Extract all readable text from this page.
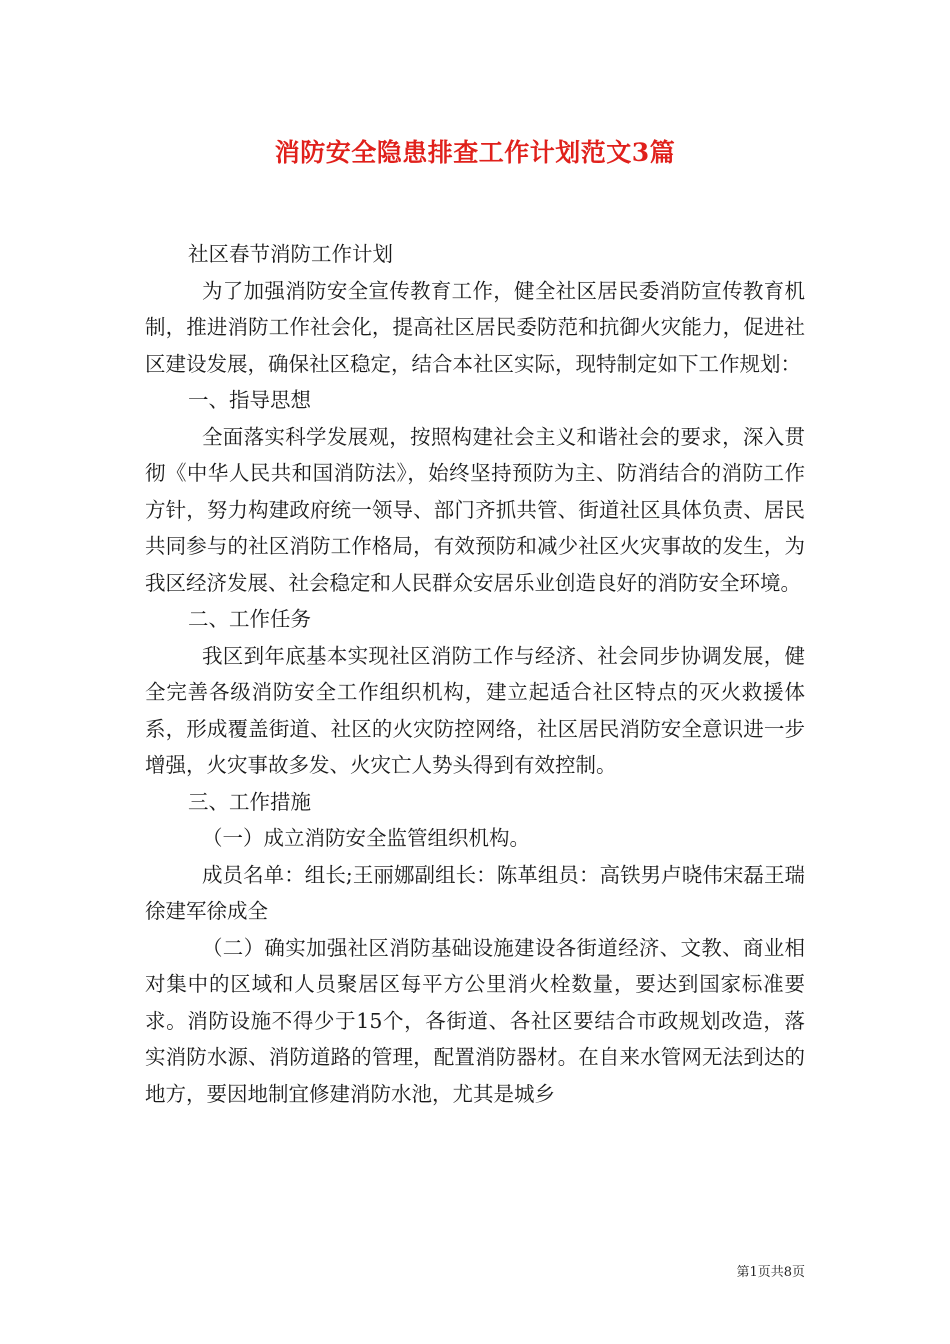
消防安全隐患排查工作计划范文3篇

社区春节消防工作计划

为了加强消防安全宣传教育工作，健全社区居民委消防宣传教育机制，推进消防工作社会化，提高社区居民委防范和抗御火灾能力，促进社区建设发展，确保社区稳定，结合本社区实际，现特制定如下工作规划：

一、指导思想

全面落实科学发展观，按照构建社会主义和谐社会的要求，深入贯彻《中华人民共和国消防法》，始终坚持预防为主、防消结合的消防工作方针，努力构建政府统一领导、部门齐抓共管、街道社区具体负责、居民共同参与的社区消防工作格局，有效预防和减少社区火灾事故的发生，为我区经济发展、社会稳定和人民群众安居乐业创造良好的消防安全环境。

二、工作任务

我区到年底基本实现社区消防工作与经济、社会同步协调发展，健全完善各级消防安全工作组织机构，建立起适合社区特点的灭火救援体系，形成覆盖街道、社区的火灾防控网络，社区居民消防安全意识进一步增强，火灾事故多发、火灾亡人势头得到有效控制。

三、工作措施

（一）成立消防安全监管组织机构。

成员名单：组长;王丽娜副组长：陈革组员：高铁男卢晓伟宋磊王瑞徐建军徐成全

（二）确实加强社区消防基础设施建设各街道经济、文教、商业相对集中的区域和人员聚居区每平方公里消火栓数量，要达到国家标准要求。消防设施不得少于15个，各街道、各社区要结合市政规划改造，落实消防水源、消防道路的管理，配置消防器材。在自来水管网无法到达的地方，要因地制宜修建消防水池，尤其是城乡

第1页共8页
